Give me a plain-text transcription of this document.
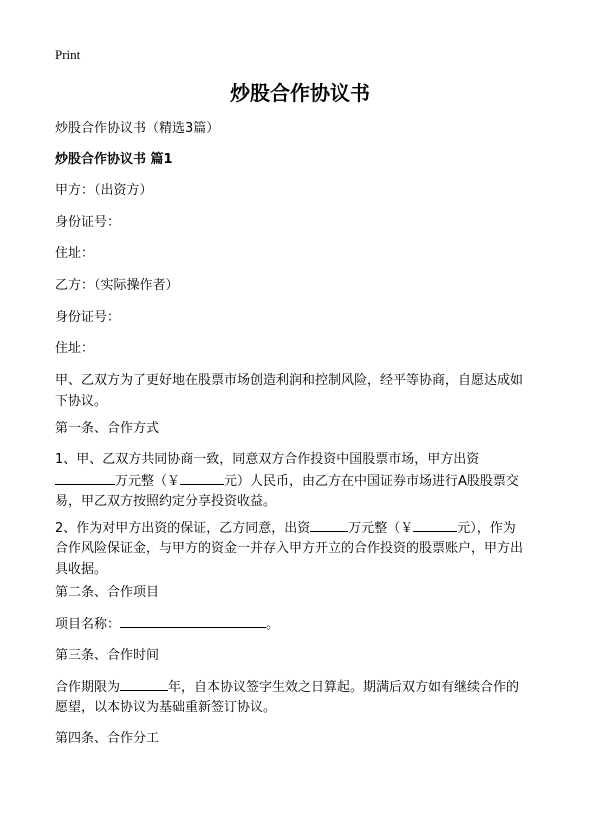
Print
炒股合作协议书
炒股合作协议书（精选3篇）
炒股合作协议书 篇1
甲方：（出资方）
身份证号：
住址：
乙方：（实际操作者）
身份证号：
住址：
甲、乙双方为了更好地在股票市场创造利润和控制风险，经平等协商，自愿达成如
下协议。
第一条、合作方式
1、甲、乙双方共同协商一致，同意双方合作投资中国股票市场，甲方出资
万元整（￥	元）人民币，由乙方在中国证券市场进行A股股票交
易，甲乙双方按照约定分享投资收益。
2、作为对甲方出资的保证，乙方同意，出资	万元整（￥	元），作为
合作风险保证金，与甲方的资金一并存入甲方开立的合作投资的股票账户，甲方出
具收据。
第二条、合作项目
项目名称：	。
第三条、合作时间
合作期限为	年，自本协议签字生效之日算起。期满后双方如有继续合作的
愿望，以本协议为基础重新签订协议。
第四条、合作分工
